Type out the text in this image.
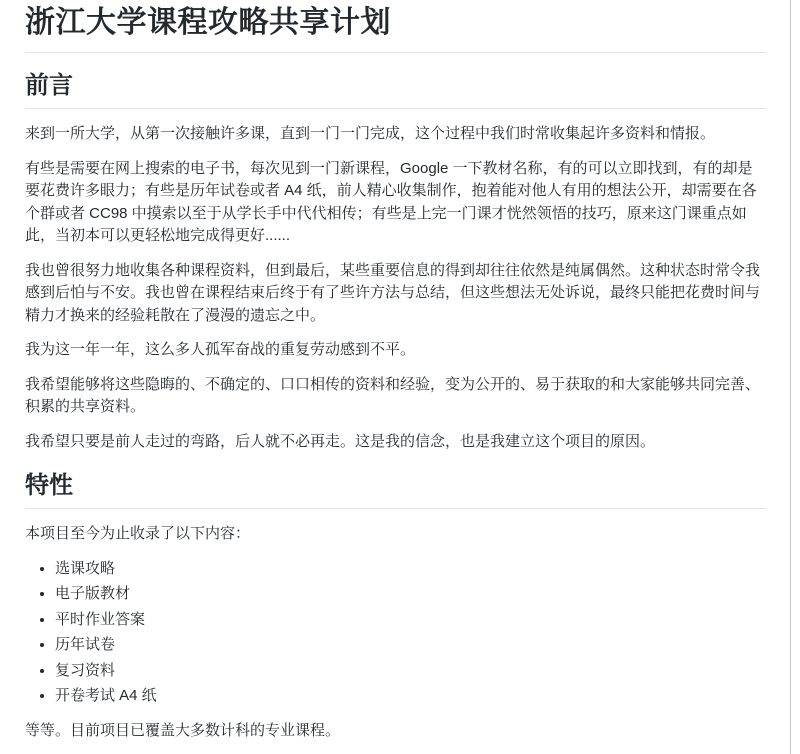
浙江大学课程攻略共享计划
前言

来到一所大学，从第一次接触许多课，直到一门一门完成，这个过程中我们时常收集起许多资料和情报。

有些是需要在网上搜索的电子书，每次见到一门新课程，Google 一下教材名称，有的可以立即找到，有的却是要花费许多眼力；有些是历年试卷或者 A4 纸，前人精心收集制作，抱着能对他人有用的想法公开，却需要在各个群或者 CC98 中摸索以至于从学长手中代代相传；有些是上完一门课才恍然领悟的技巧，原来这门课重点如此，当初本可以更轻松地完成得更好......

我也曾很努力地收集各种课程资料，但到最后，某些重要信息的得到却往往依然是纯属偶然。这种状态时常令我感到后怕与不安。我也曾在课程结束后终于有了些许方法与总结，但这些想法无处诉说，最终只能把花费时间与精力才换来的经验耗散在了漫漫的遗忘之中。

我为这一年一年，这么多人孤军奋战的重复劳动感到不平。

我希望能够将这些隐晦的、不确定的、口口相传的资料和经验，变为公开的、易于获取的和大家能够共同完善、积累的共享资料。

我希望只要是前人走过的弯路，后人就不必再走。这是我的信念，也是我建立这个项目的原因。

特性

本项目至今为止收录了以下内容：

• 选课攻略
• 电子版教材
• 平时作业答案
• 历年试卷
• 复习资料
• 开卷考试 A4 纸

等等。目前项目已覆盖大多数计科的专业课程。
